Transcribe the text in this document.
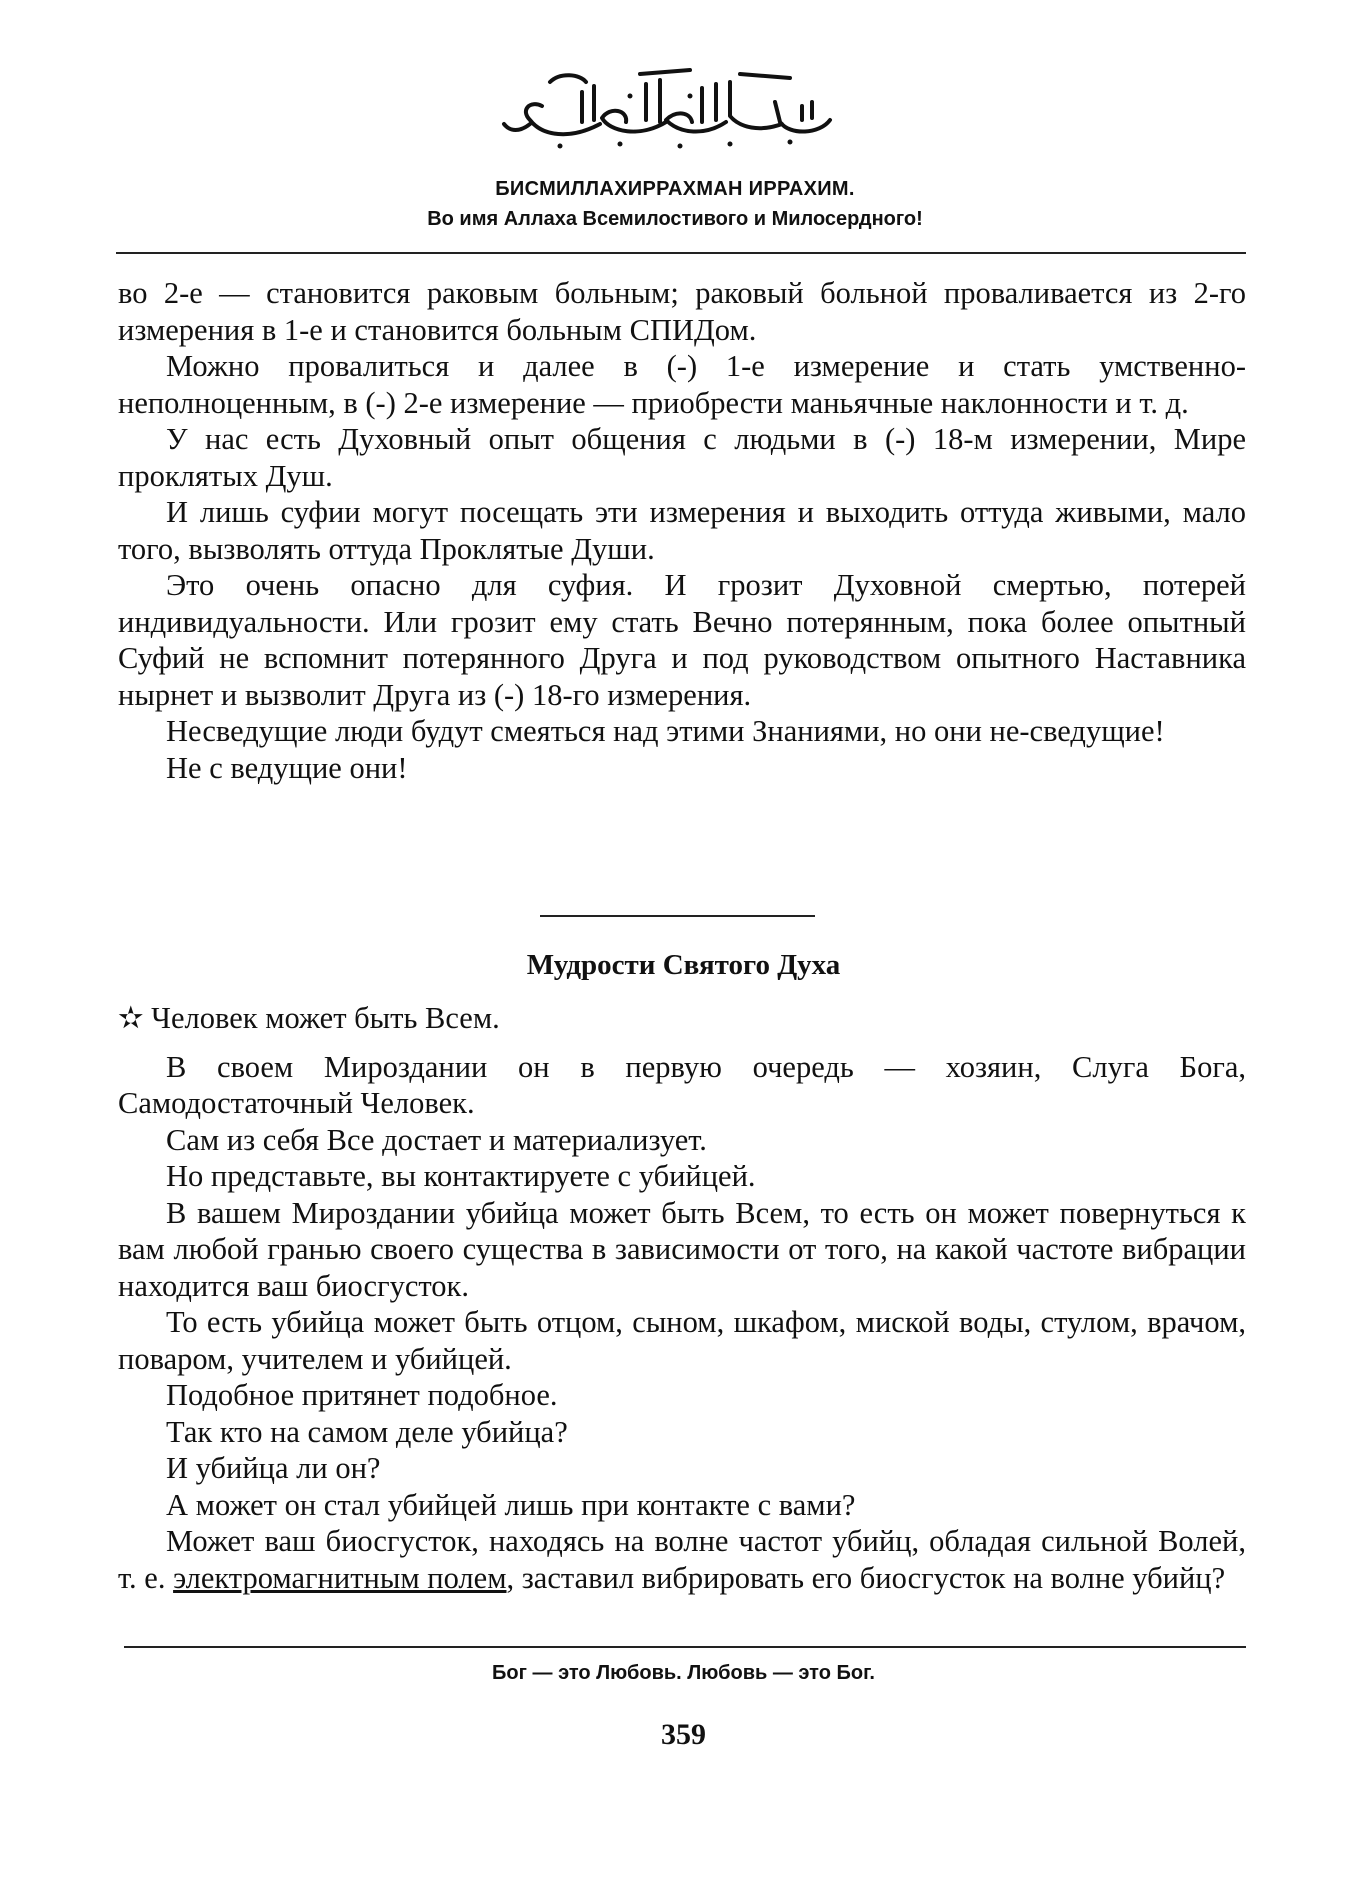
БИСМИЛЛАХИРРАХМАН ИРРАХИМ.
Во имя Аллаха Всемилостивого и Милосердного!

во 2-е — становится раковым больным; раковый больной проваливается из 2-го измерения в 1-е и становится больным СПИДом.

Можно провалиться и далее в (-) 1-е измерение и стать умственно-неполноценным, в (-) 2-е измерение — приобрести маньячные наклонности и т. д.

У нас есть Духовный опыт общения с людьми в (-) 18-м измерении, Мире проклятых Душ.

И лишь суфии могут посещать эти измерения и выходить оттуда живыми, мало того, вызволять оттуда Проклятые Души.

Это очень опасно для суфия. И грозит Духовной смертью, потерей индивидуальности. Или грозит ему стать Вечно потерянным, пока более опытный Суфий не вспомнит потерянного Друга и под руководством опытного Наставника нырнет и вызволит Друга из (-) 18-го измерения.

Несведущие люди будут смеяться над этими Знаниями, но они не-сведущие!

Не с ведущие они!

Мудрости Святого Духа

✫ Человек может быть Всем.

В своем Мироздании он в первую очередь — хозяин, Слуга Бога, Самодостаточный Человек.

Сам из себя Все достает и материализует.

Но представьте, вы контактируете с убийцей.

В вашем Мироздании убийца может быть Всем, то есть он может повернуться к вам любой гранью своего существа в зависимости от того, на какой частоте вибрации находится ваш биосгусток.

То есть убийца может быть отцом, сыном, шкафом, миской воды, стулом, врачом, поваром, учителем и убийцей.

Подобное притянет подобное.

Так кто на самом деле убийца?

И убийца ли он?

А может он стал убийцей лишь при контакте с вами?

Может ваш биосгусток, находясь на волне частот убийц, обладая сильной Волей, т. е. электромагнитным полем, заставил вибрировать его биосгусток на волне убийц?

Бог — это Любовь. Любовь — это Бог.
359
